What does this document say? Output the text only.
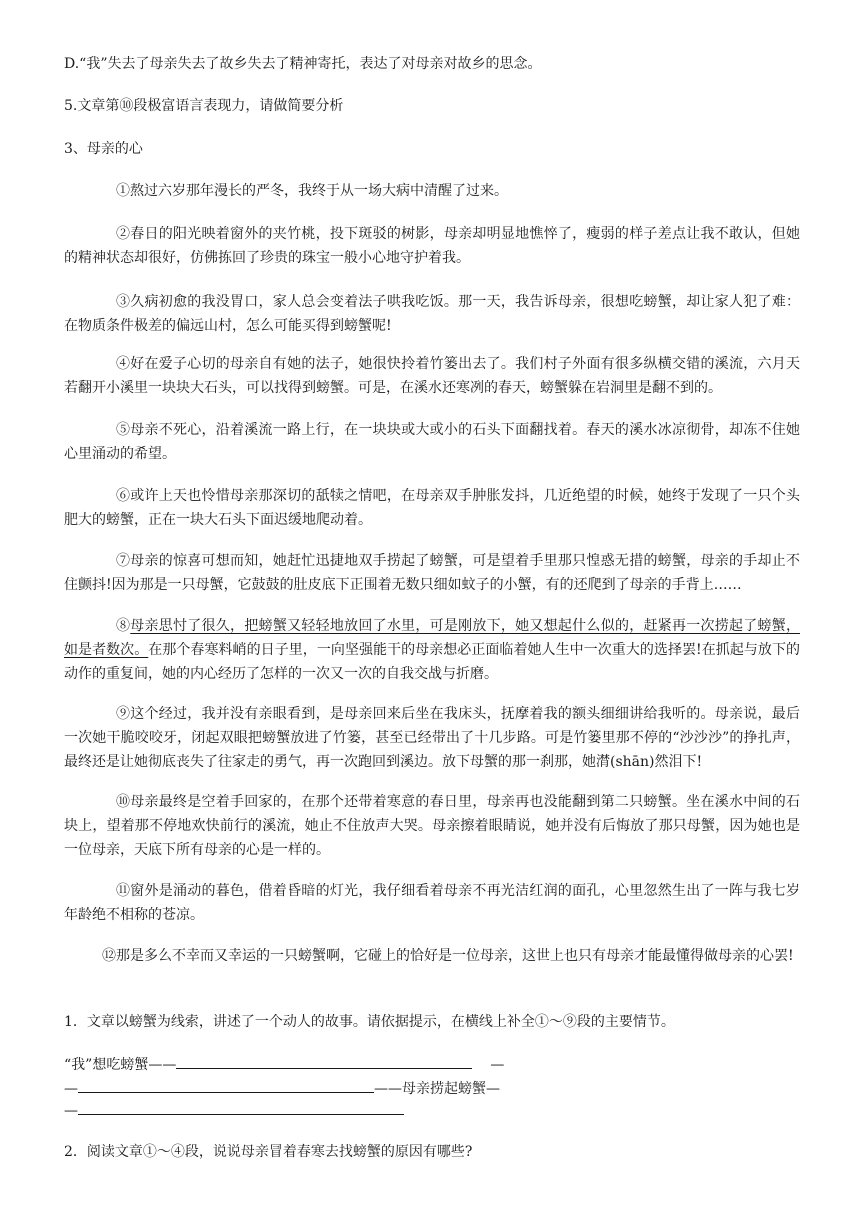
D.“我”失去了母亲失去了故乡失去了精神寄托，表达了对母亲对故乡的思念。
5.文章第⑩段极富语言表现力，请做简要分析
3、母亲的心
①熬过六岁那年漫长的严冬，我终于从一场大病中清醒了过来。
②春日的阳光映着窗外的夹竹桃，投下斑驳的树影，母亲却明显地憔悴了，瘦弱的样子差点让我不敢认，但她的精神状态却很好，仿佛拣回了珍贵的珠宝一般小心地守护着我。
③久病初愈的我没胃口，家人总会变着法子哄我吃饭。那一天，我告诉母亲，很想吃螃蟹，却让家人犯了难：在物质条件极差的偏远山村，怎么可能买得到螃蟹呢!
④好在爱子心切的母亲自有她的法子，她很快拎着竹篓出去了。我们村子外面有很多纵横交错的溪流，六月天若翻开小溪里一块块大石头，可以找得到螃蟹。可是，在溪水还寒冽的春天，螃蟹躲在岩洞里是翻不到的。
⑤母亲不死心，沿着溪流一路上行，在一块块或大或小的石头下面翻找着。春天的溪水冰凉彻骨，却冻不住她心里涌动的希望。
⑥或许上天也怜惜母亲那深切的舐犊之情吧，在母亲双手肿胀发抖，几近绝望的时候，她终于发现了一只个头肥大的螃蟹，正在一块大石头下面迟缓地爬动着。
⑦母亲的惊喜可想而知，她赶忙迅捷地双手捞起了螃蟹，可是望着手里那只惶惑无措的螃蟹，母亲的手却止不住颤抖!因为那是一只母蟹，它鼓鼓的肚皮底下正围着无数只细如蚊子的小蟹，有的还爬到了母亲的手背上……
⑧母亲思忖了很久，把螃蟹又轻轻地放回了水里，可是刚放下，她又想起什么似的，赶紧再一次捞起了螃蟹，如是者数次。在那个春寒料峭的日子里，一向坚强能干的母亲想必正面临着她人生中一次重大的选择罢!在抓起与放下的动作的重复间，她的内心经历了怎样的一次又一次的自我交战与折磨。
⑨这个经过，我并没有亲眼看到，是母亲回来后坐在我床头，抚摩着我的额头细细讲给我听的。母亲说，最后一次她干脆咬咬牙，闭起双眼把螃蟹放进了竹篓，甚至已经带出了十几步路。可是竹篓里那不停的“沙沙沙”的挣扎声，最终还是让她彻底丧失了往家走的勇气，再一次跑回到溪边。放下母蟹的那一刹那，她潸(shān)然泪下!
⑩母亲最终是空着手回家的，在那个还带着寒意的春日里，母亲再也没能翻到第二只螃蟹。坐在溪水中间的石块上，望着那不停地欢快前行的溪流，她止不住放声大哭。母亲擦着眼睛说，她并没有后悔放了那只母蟹，因为她也是一位母亲，天底下所有母亲的心是一样的。
⑪窗外是涌动的暮色，借着昏暗的灯光，我仔细看着母亲不再光洁红润的面孔，心里忽然生出了一阵与我七岁年龄绝不相称的苍凉。
⑫那是多么不幸而又幸运的一只螃蟹啊，它碰上的恰好是一位母亲，这世上也只有母亲才能最懂得做母亲的心罢!
1．文章以螃蟹为线索，讲述了一个动人的故事。请依据提示，在横线上补全①～⑨段的主要情节。
“我”想吃螃蟹——	—
—	——母亲捞起螃蟹—
—
2．阅读文章①～④段，说说母亲冒着春寒去找螃蟹的原因有哪些?
